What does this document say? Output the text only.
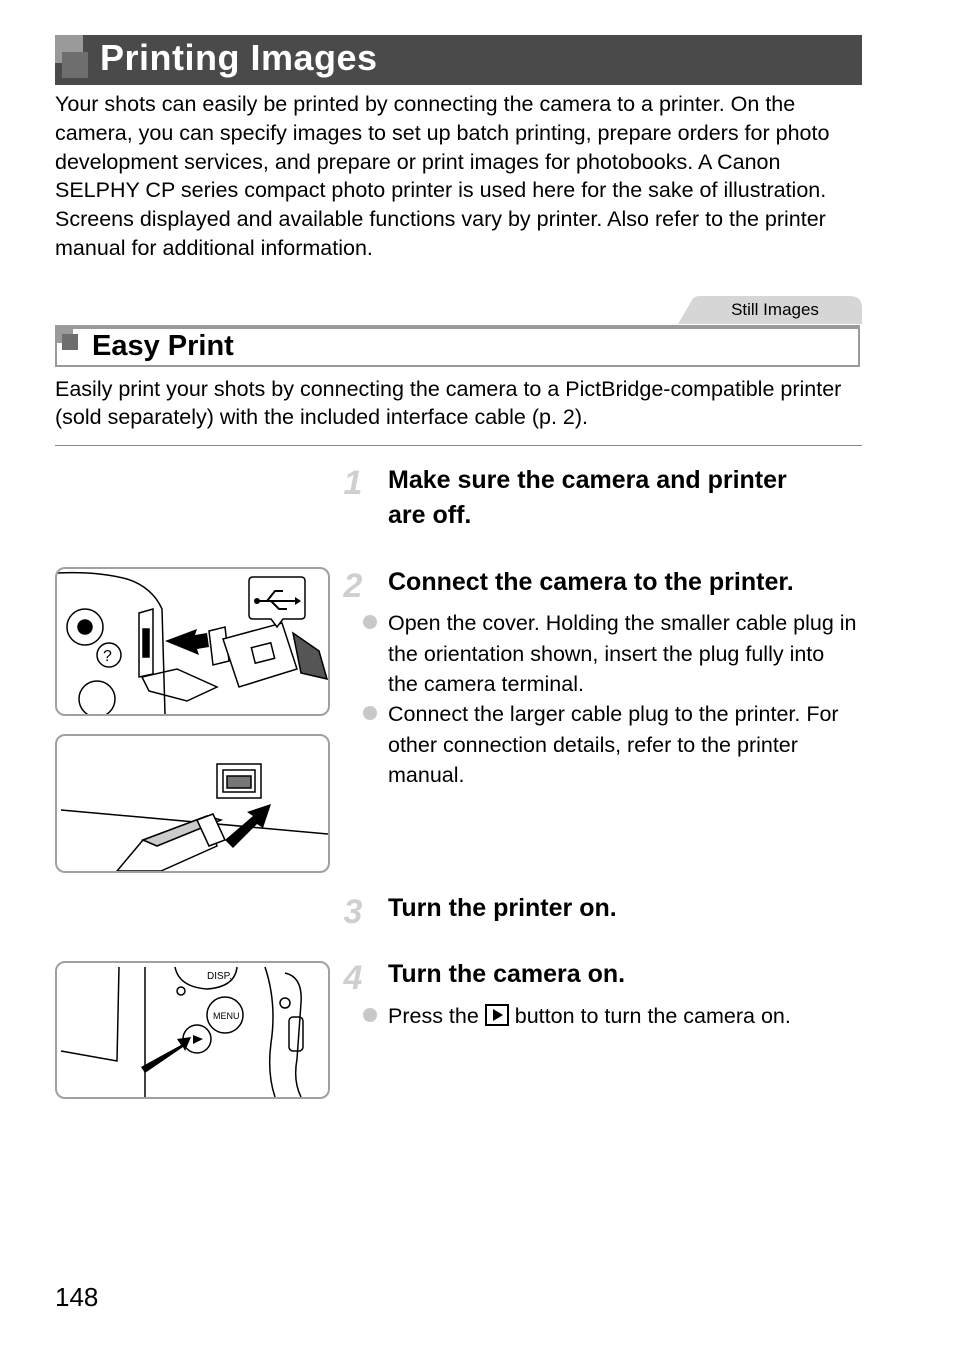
Printing Images
Your shots can easily be printed by connecting the camera to a printer. On the camera, you can specify images to set up batch printing, prepare orders for photo development services, and prepare or print images for photobooks. A Canon SELPHY CP series compact photo printer is used here for the sake of illustration. Screens displayed and available functions vary by printer. Also refer to the printer manual for additional information.
Still Images
Easy Print
Easily print your shots by connecting the camera to a PictBridge-compatible printer (sold separately) with the included interface cable (p. 2).
1 Make sure the camera and printer
are off.
2 Connect the camera to the printer.
Open the cover. Holding the smaller cable plug in the orientation shown, insert the plug fully into the camera terminal.
Connect the larger cable plug to the printer. For other connection details, refer to the printer manual.
3 Turn the printer on.
4 Turn the camera on.
Press the  button to turn the camera on.
?
DISP.
MENU
148
